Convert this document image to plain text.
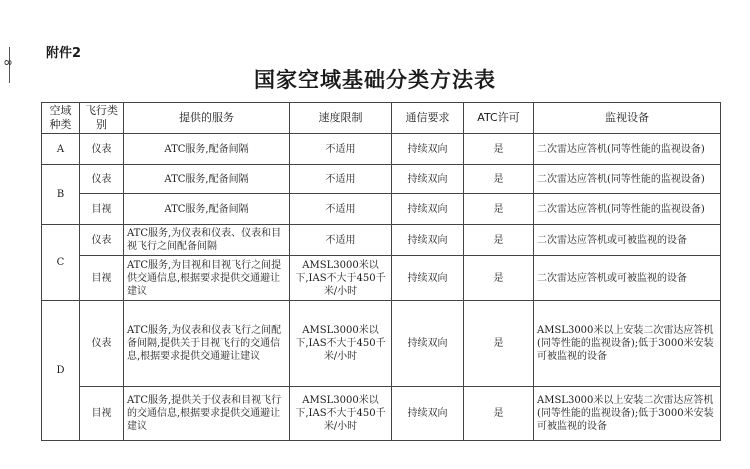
8
附件2
国家空域基础分类方法表
空域种类	飞行类别	提供的服务	速度限制	通信要求	ATC许可	监视设备
A	仪表	ATC服务,配备间隔	不适用	持续双向	是	二次雷达应答机(同等性能的监视设备)
B	仪表	ATC服务,配备间隔	不适用	持续双向	是	二次雷达应答机(同等性能的监视设备)
	目视	ATC服务,配备间隔	不适用	持续双向	是	二次雷达应答机(同等性能的监视设备)
C	仪表	ATC服务,为仪表和仪表、仪表和目视飞行之间配备间隔	不适用	持续双向	是	二次雷达应答机或可被监视的设备
	目视	ATC服务,为目视和目视飞行之间提供交通信息,根据要求提供交通避让建议	AMSL3000米以下,IAS不大于450千米/小时	持续双向	是	二次雷达应答机或可被监视的设备
D	仪表	ATC服务,为仪表和仪表飞行之间配备间隔,提供关于目视飞行的交通信息,根据要求提供交通避让建议	AMSL3000米以下,IAS不大于450千米/小时	持续双向	是	AMSL3000米以上安装二次雷达应答机(同等性能的监视设备);低于3000米安装可被监视的设备
	目视	ATC服务,提供关于仪表和目视飞行的交通信息,根据要求提供交通避让建议	AMSL3000米以下,IAS不大于450千米/小时	持续双向	是	AMSL3000米以上安装二次雷达应答机(同等性能的监视设备);低于3000米安装可被监视的设备
